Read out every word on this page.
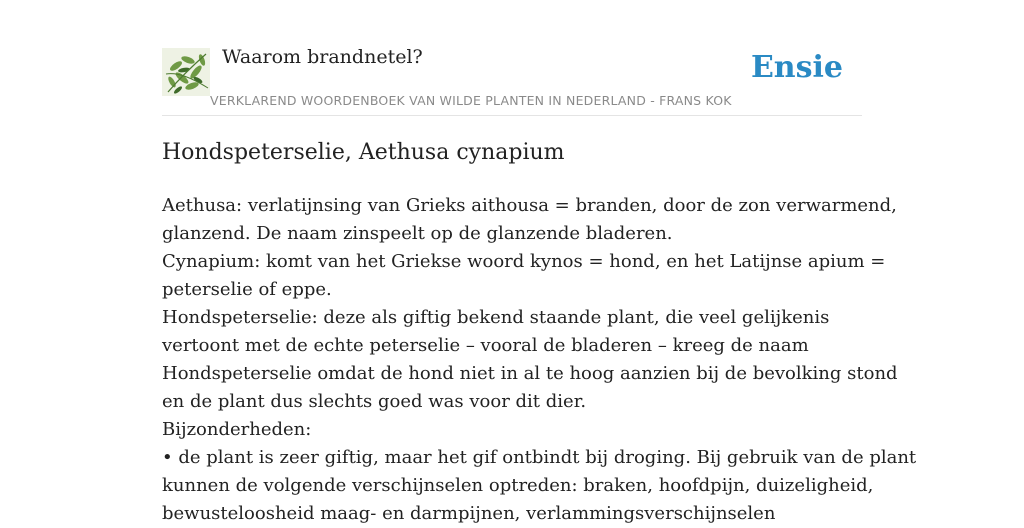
Waarom brandnetel?
VERKLAREND WOORDENBOEK VAN WILDE PLANTEN IN NEDERLAND - FRANS KOK
Ensie
Hondspeterselie, Aethusa cynapium
Aethusa: verlatijnsing van Grieks aithousa = branden, door de zon verwarmend,
glanzend. De naam zinspeelt op de glanzende bladeren.
Cynapium: komt van het Griekse woord kynos = hond, en het Latijnse apium =
peterselie of eppe.
Hondspeterselie: deze als giftig bekend staande plant, die veel gelijkenis
vertoont met de echte peterselie – vooral de bladeren – kreeg de naam
Hondspeterselie omdat de hond niet in al te hoog aanzien bij de bevolking stond
en de plant dus slechts goed was voor dit dier.
Bijzonderheden:
• de plant is zeer giftig, maar het gif ontbindt bij droging. Bij gebruik van de plant
kunnen de volgende verschijnselen optreden: braken, hoofdpijn, duizeligheid,
bewusteloosheid maag- en darmpijnen, verlammingsverschijnselen
